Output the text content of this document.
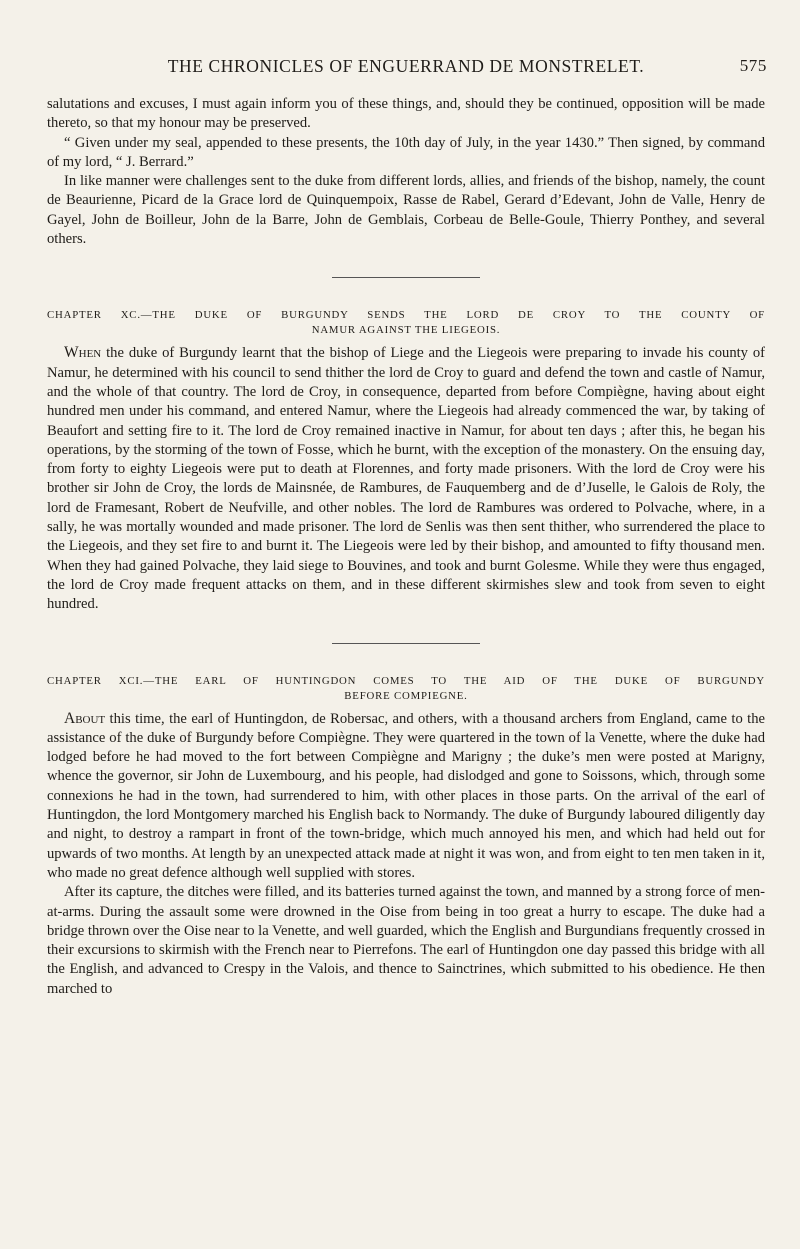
THE CHRONICLES OF ENGUERRAND DE MONSTRELET.	575

salutations and excuses, I must again inform you of these things, and, should they be continued, opposition will be made thereto, so that my honour may be preserved.

“ Given under my seal, appended to these presents, the 10th day of July, in the year 1430.” Then signed, by command of my lord, “ J. Berrard.”

In like manner were challenges sent to the duke from different lords, allies, and friends of the bishop, namely, the count de Beaurienne, Picard de la Grace lord de Quinquempoix, Rasse de Rabel, Gerard d’Edevant, John de Valle, Henry de Gayel, John de Boilleur, John de la Barre, John de Gemblais, Corbeau de Belle-Goule, Thierry Ponthey, and several others.

CHAPTER XC.—THE DUKE OF BURGUNDY SENDS THE LORD DE CROY TO THE COUNTY OF
NAMUR AGAINST THE LIEGEOIS.

When the duke of Burgundy learnt that the bishop of Liege and the Liegeois were preparing to invade his county of Namur, he determined with his council to send thither the lord de Croy to guard and defend the town and castle of Namur, and the whole of that country. The lord de Croy, in consequence, departed from before Compiègne, having about eight hundred men under his command, and entered Namur, where the Liegeois had already commenced the war, by taking of Beaufort and setting fire to it. The lord de Croy remained inactive in Namur, for about ten days ; after this, he began his operations, by the storming of the town of Fosse, which he burnt, with the exception of the monastery. On the ensuing day, from forty to eighty Liegeois were put to death at Florennes, and forty made prisoners. With the lord de Croy were his brother sir John de Croy, the lords de Mainsnée, de Rambures, de Fauquemberg and de d’Juselle, le Galois de Roly, the lord de Framesant, Robert de Neufville, and other nobles. The lord de Rambures was ordered to Polvache, where, in a sally, he was mortally wounded and made prisoner. The lord de Senlis was then sent thither, who surrendered the place to the Liegeois, and they set fire to and burnt it. The Liegeois were led by their bishop, and amounted to fifty thousand men. When they had gained Polvache, they laid siege to Bouvines, and took and burnt Golesme. While they were thus engaged, the lord de Croy made frequent attacks on them, and in these different skirmishes slew and took from seven to eight hundred.

CHAPTER XCI.—THE EARL OF HUNTINGDON COMES TO THE AID OF THE DUKE OF BURGUNDY
BEFORE COMPIEGNE.

About this time, the earl of Huntingdon, de Robersac, and others, with a thousand archers from England, came to the assistance of the duke of Burgundy before Compiègne. They were quartered in the town of la Venette, where the duke had lodged before he had moved to the fort between Compiègne and Marigny ; the duke’s men were posted at Marigny, whence the governor, sir John de Luxembourg, and his people, had dislodged and gone to Soissons, which, through some connexions he had in the town, had surrendered to him, with other places in those parts. On the arrival of the earl of Huntingdon, the lord Montgomery marched his English back to Normandy. The duke of Burgundy laboured diligently day and night, to destroy a rampart in front of the town-bridge, which much annoyed his men, and which had held out for upwards of two months. At length by an unexpected attack made at night it was won, and from eight to ten men taken in it, who made no great defence although well supplied with stores.

After its capture, the ditches were filled, and its batteries turned against the town, and manned by a strong force of men-at-arms. During the assault some were drowned in the Oise from being in too great a hurry to escape. The duke had a bridge thrown over the Oise near to la Venette, and well guarded, which the English and Burgundians frequently crossed in their excursions to skirmish with the French near to Pierrefons. The earl of Huntingdon one day passed this bridge with all the English, and advanced to Crespy in the Valois, and thence to Sainctrines, which submitted to his obedience. He then marched to
